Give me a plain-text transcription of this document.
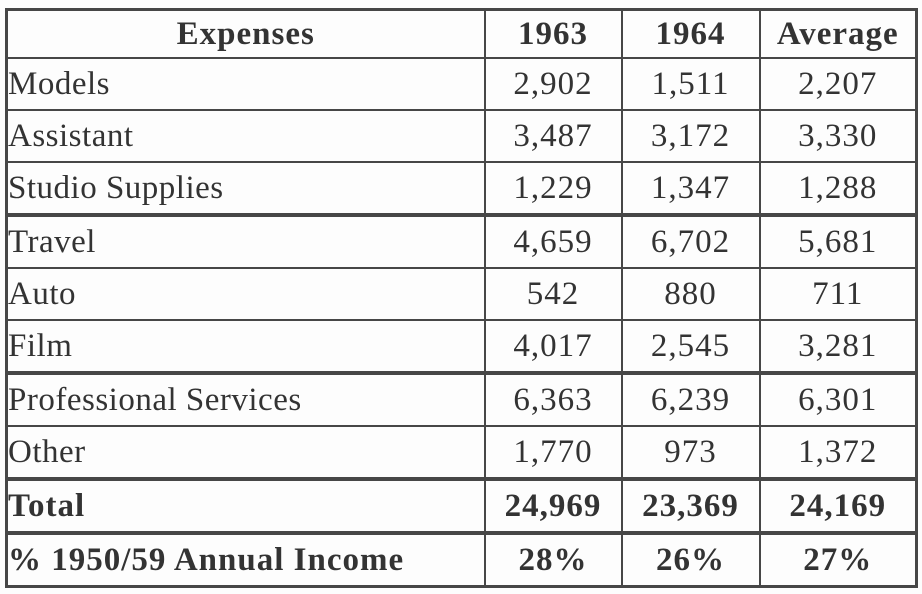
Expenses	1963	1964	Average
Models	2,902	1,511	2,207
Assistant	3,487	3,172	3,330
Studio Supplies	1,229	1,347	1,288
Travel	4,659	6,702	5,681
Auto	542	880	711
Film	4,017	2,545	3,281
Professional Services	6,363	6,239	6,301
Other	1,770	973	1,372
Total	24,969	23,369	24,169
% 1950/59 Annual Income	28%	26%	27%
